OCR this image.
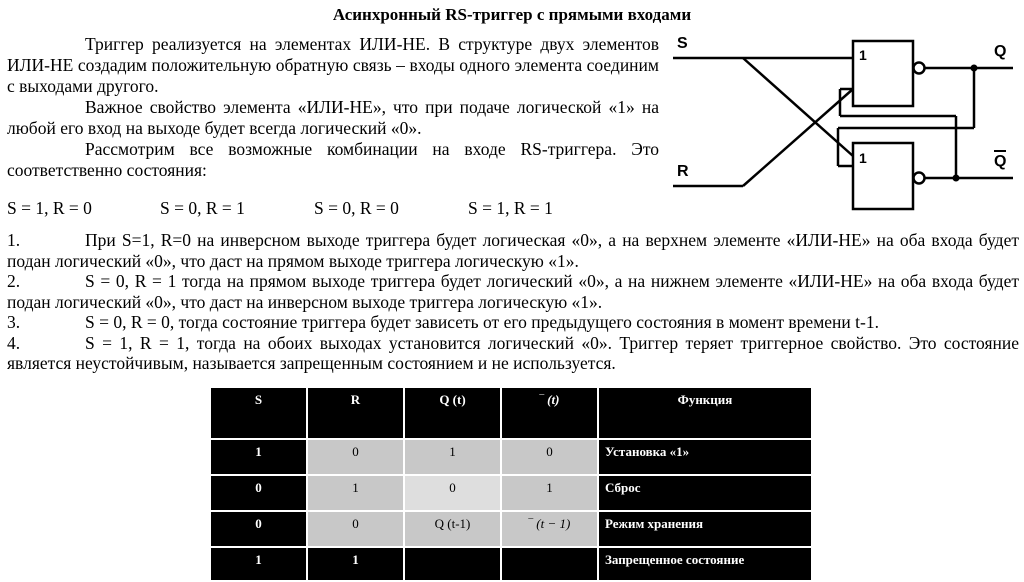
Асинхронный RS-триггер с прямыми входами

Триггер реализуется на элементах ИЛИ-НЕ. В структуре двух элементов ИЛИ-НЕ создадим положительную обратную связь – входы одного элемента соединим с выходами другого.

Важное свойство элемента «ИЛИ-НЕ», что при подаче логической «1» на любой его вход на выходе будет всегда логический «0».

Рассмотрим все возможные комбинации на входе RS-триггера. Это соответственно состояния:

S = 1, R = 0	S = 0, R = 1	S = 0, R = 0	S = 1, R = 1

1.	При S=1, R=0 на инверсном выходе триггера будет логическая «0», а на верхнем элементе «ИЛИ-НЕ» на оба входа будет подан логический «0», что даст на прямом выходе триггера логическую «1».

2.	S = 0, R = 1 тогда на прямом выходе триггера будет логический «0», а на нижнем элементе «ИЛИ-НЕ» на оба входа будет подан логический «0», что даст на инверсном выходе триггера логическую «1».

3.	S = 0, R = 0, тогда состояние триггера будет зависеть от его предыдущего состояния в момент времени t-1.

4.	S = 1, R = 1, тогда на обоих выходах установится логический «0». Триггер теряет триггерное свойство. Это состояние является неустойчивым, называется запрещенным состоянием и не используется.

S
R
1
1
Q
Q
S	R	Q (t)	‾ (t)	Функция
1	0	1	0	Установка «1»
0	1	0	1	Сброс
0	0	Q (t-1)	‾ (t − 1)	Режим хранения
1	1			Запрещенное состояние
